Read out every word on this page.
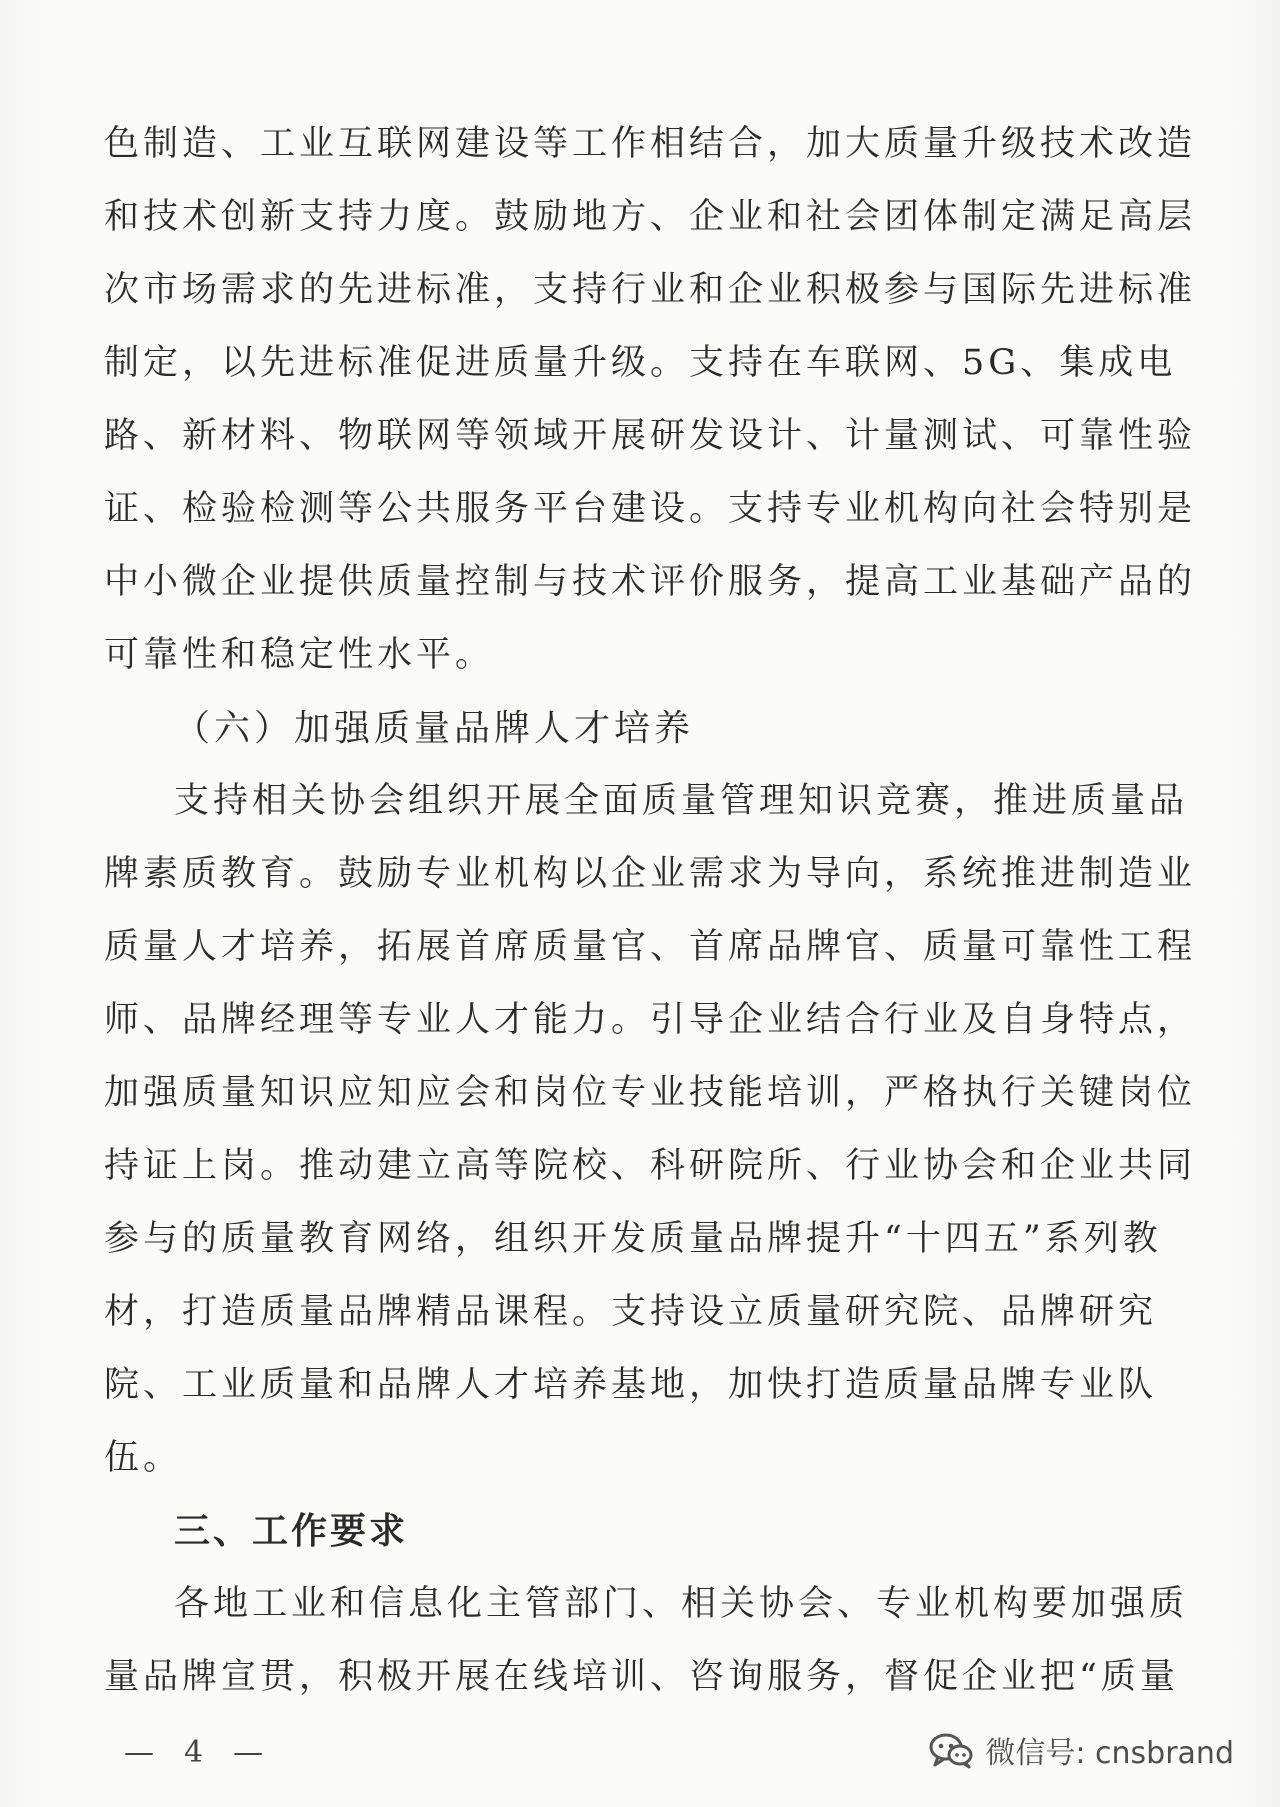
色制造、工业互联网建设等工作相结合，加大质量升级技术改造
和技术创新支持力度。鼓励地方、企业和社会团体制定满足高层
次市场需求的先进标准，支持行业和企业积极参与国际先进标准
制定，以先进标准促进质量升级。支持在车联网、5G、集成电
路、新材料、物联网等领域开展研发设计、计量测试、可靠性验
证、检验检测等公共服务平台建设。支持专业机构向社会特别是
中小微企业提供质量控制与技术评价服务，提高工业基础产品的
可靠性和稳定性水平。
（六）加强质量品牌人才培养
支持相关协会组织开展全面质量管理知识竞赛，推进质量品
牌素质教育。鼓励专业机构以企业需求为导向，系统推进制造业
质量人才培养，拓展首席质量官、首席品牌官、质量可靠性工程
师、品牌经理等专业人才能力。引导企业结合行业及自身特点，
加强质量知识应知应会和岗位专业技能培训，严格执行关键岗位
持证上岗。推动建立高等院校、科研院所、行业协会和企业共同
参与的质量教育网络，组织开发质量品牌提升“十四五”系列教
材，打造质量品牌精品课程。支持设立质量研究院、品牌研究
院、工业质量和品牌人才培养基地，加快打造质量品牌专业队
伍。
三、工作要求
各地工业和信息化主管部门、相关协会、专业机构要加强质
量品牌宣贯，积极开展在线培训、咨询服务，督促企业把“质量
— 4 —	微信号: cnsbrand
